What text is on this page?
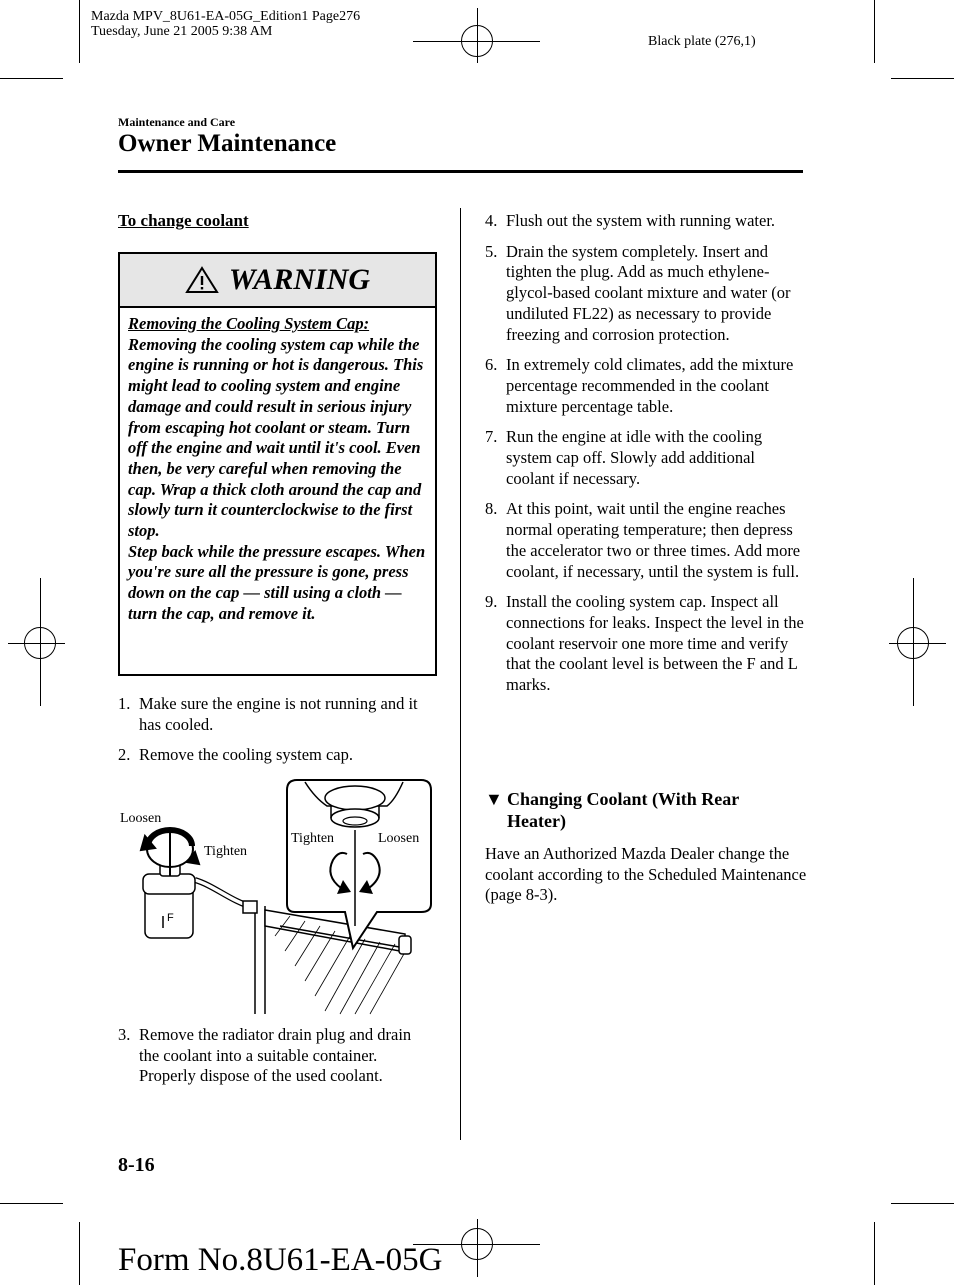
Mazda MPV_8U61-EA-05G_Edition1 Page276
Tuesday, June 21 2005 9:38 AM
Black plate (276,1)
Maintenance and Care
Owner Maintenance
To change coolant
WARNING
Removing the Cooling System Cap: Removing the cooling system cap while the engine is running or hot is dangerous. This might lead to cooling system and engine damage and could result in serious injury from escaping hot coolant or steam. Turn off the engine and wait until it's cool. Even then, be very careful when removing the cap. Wrap a thick cloth around the cap and slowly turn it counterclockwise to the first stop.
Step back while the pressure escapes. When you're sure all the pressure is gone, press down on the cap — still using a cloth — turn the cap, and remove it.
1. Make sure the engine is not running and it has cooled.
2. Remove the cooling system cap.
F
Loosen
Tighten
Tighten	Loosen
3. Remove the radiator drain plug and drain the coolant into a suitable container. Properly dispose of the used coolant.
4. Flush out the system with running water.
5. Drain the system completely. Insert and tighten the plug. Add as much ethylene-glycol-based coolant mixture and water (or undiluted FL22) as necessary to provide freezing and corrosion protection.
6. In extremely cold climates, add the mixture percentage recommended in the coolant mixture percentage table.
7. Run the engine at idle with the cooling system cap off. Slowly add additional coolant if necessary.
8. At this point, wait until the engine reaches normal operating temperature; then depress the accelerator two or three times. Add more coolant, if necessary, until the system is full.
9. Install the cooling system cap. Inspect all connections for leaks. Inspect the level in the coolant reservoir one more time and verify that the coolant level is between the F and L marks.
▼ Changing Coolant (With Rear Heater)
Have an Authorized Mazda Dealer change the coolant according to the Scheduled Maintenance (page 8-3).
8-16
Form No.8U61-EA-05G
